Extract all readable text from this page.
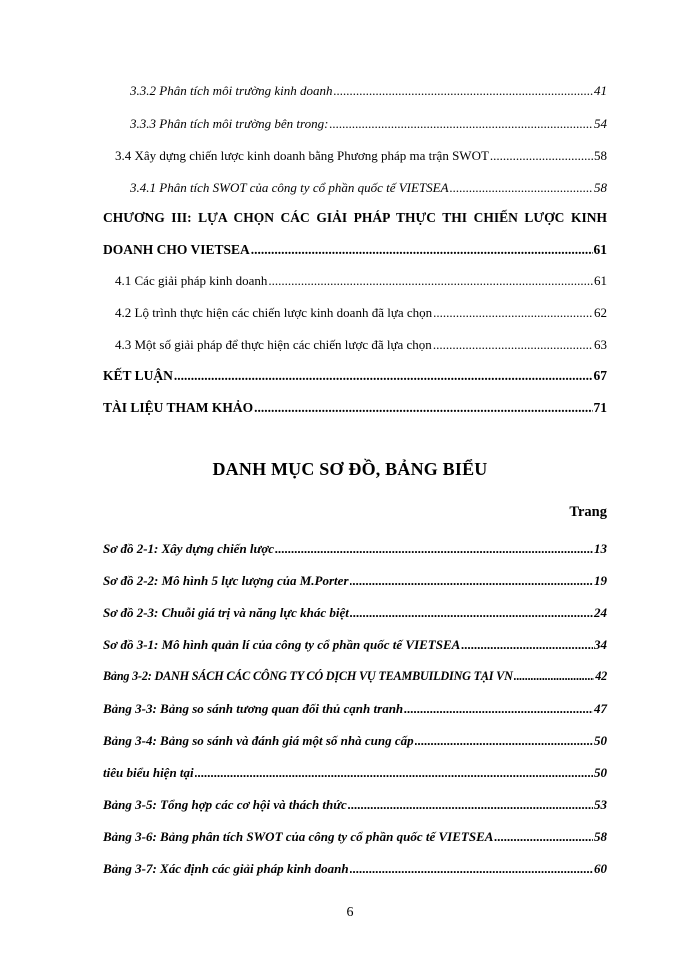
3.3.2 Phân tích môi trường kinh doanh .....	41
3.3.3 Phân tích môi trường bên trong: .....	54
3.4 Xây dựng chiến lược kinh doanh bằng Phương pháp ma trận SWOT .....	58
3.4.1 Phân tích SWOT của công ty cổ phần quốc tế VIETSEA .....	58
CHƯƠNG III: LỰA CHỌN CÁC GIẢI PHÁP THỰC THI CHIẾN LƯỢC KINH
DOANH CHO VIETSEA .....	61
4.1 Các giải pháp kinh doanh .....	61
4.2 Lộ trình thực hiện các chiến lược kinh doanh đã lựa chọn .....	62
4.3 Một số giải pháp để thực hiện các chiến lược đã lựa chọn .....	63
KẾT LUẬN .....	67
TÀI LIỆU THAM KHẢO .....	71
DANH MỤC SƠ ĐỒ, BẢNG BIỂU
Trang
Sơ đồ 2-1: Xây dựng chiến lược .....	13
Sơ đồ 2-2: Mô hình 5 lực lượng của M.Porter .....	19
Sơ đồ 2-3: Chuỗi giá trị và năng lực khác biệt .....	24
Sơ đồ 3-1: Mô hình quản lí của công ty cổ phần quốc tế VIETSEA .....	34
Bảng 3-2: DANH SÁCH CÁC CÔNG TY CÓ DỊCH VỤ TEAMBUILDING TẠI VN .....	42
Bảng 3-3: Bảng so sánh tương quan đối thủ cạnh tranh .....	47
Bảng 3-4: Bảng so sánh và đánh giá một số nhà cung cấp .....	50
tiêu biểu hiện tại .....	50
Bảng 3-5: Tổng hợp các cơ hội và thách thức .....	53
Bảng 3-6: Bảng phân tích SWOT của công ty cổ phần quốc tế VIETSEA .....	58
Bảng 3-7: Xác định các giải pháp kinh doanh .....	60
6
